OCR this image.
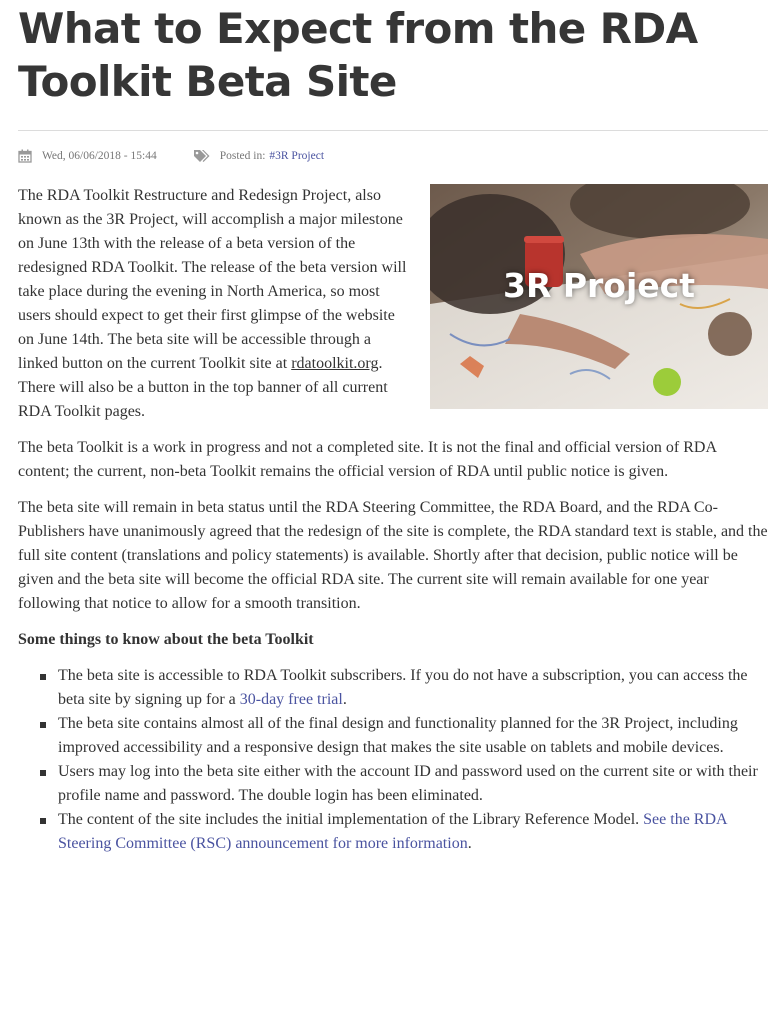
What to Expect from the RDA Toolkit Beta Site
Wed, 06/06/2018 - 15:44	Posted in: #3R Project
3R Project

The RDA Toolkit Restructure and Redesign Project, also known as the 3R Project, will accomplish a major milestone on June 13th with the release of a beta version of the redesigned RDA Toolkit. The release of the beta version will take place during the evening in North America, so most users should expect to get their first glimpse of the website on June 14th. The beta site will be accessible through a linked button on the current Toolkit site at rdatoolkit.org. There will also be a button in the top banner of all current RDA Toolkit pages.

The beta Toolkit is a work in progress and not a completed site. It is not the final and official version of RDA content; the current, non-beta Toolkit remains the official version of RDA until public notice is given.

The beta site will remain in beta status until the RDA Steering Committee, the RDA Board, and the RDA Co-Publishers have unanimously agreed that the redesign of the site is complete, the RDA standard text is stable, and the full site content (translations and policy statements) is available. Shortly after that decision, public notice will be given and the beta site will become the official RDA site. The current site will remain available for one year following that notice to allow for a smooth transition.

Some things to know about the beta Toolkit
The beta site is accessible to RDA Toolkit subscribers. If you do not have a subscription, you can access the beta site by signing up for a 30-day free trial.
The beta site contains almost all of the final design and functionality planned for the 3R Project, including improved accessibility and a responsive design that makes the site usable on tablets and mobile devices.
Users may log into the beta site either with the account ID and password used on the current site or with their profile name and password. The double login has been eliminated.
The content of the site includes the initial implementation of the Library Reference Model. See the RDA Steering Committee (RSC) announcement for more information.
